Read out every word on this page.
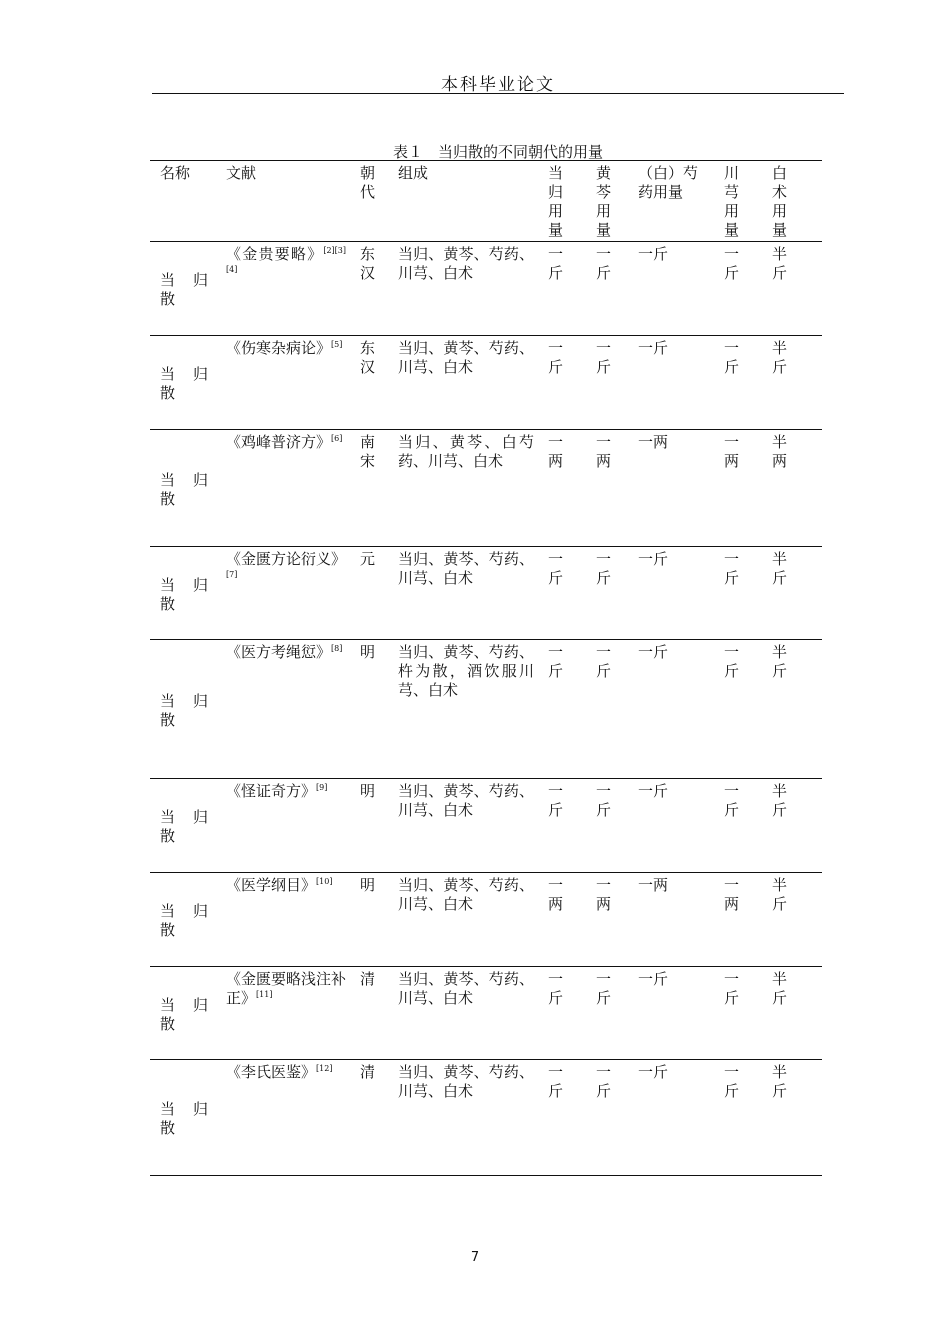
本科毕业论文
表１　当归散的不同朝代的用量
名称	文献	朝代	组成	当归用量	黄芩用量	（白）芍药用量	川芎用量	白术用量

当　归散	《金贵要略》[2][3][4]	东汉	当归、黄芩、芍药、川芎、白术	一斤	一斤	一斤	一斤	半斤

当　归散	《伤寒杂病论》[5]	东汉	当归、黄芩、芍药、川芎、白术	一斤	一斤	一斤	一斤	半斤

当　归散	《鸡峰普济方》[6]	南宋	当归、黄芩、白芍药、川芎、白术	一两	一两	一两	一两	半两

当　归散	《金匮方论衍义》[7]	元	当归、黄芩、芍药、川芎、白术	一斤	一斤	一斤	一斤	半斤

当　归散	《医方考绳愆》[8]	明	当归、黄芩、芍药、杵为散，酒饮服川芎、白术	一斤	一斤	一斤	一斤	半斤

当　归散	《怪证奇方》[9]	明	当归、黄芩、芍药、川芎、白术	一斤	一斤	一斤	一斤	半斤

当　归散	《医学纲目》[10]	明	当归、黄芩、芍药、川芎、白术	一两	一两	一两	一两	半斤

当　归散	《金匮要略浅注补正》[11]	清	当归、黄芩、芍药、川芎、白术	一斤	一斤	一斤	一斤	半斤

当　归散	《李氏医鉴》[12]	清	当归、黄芩、芍药、川芎、白术	一斤	一斤	一斤	一斤	半斤
7
